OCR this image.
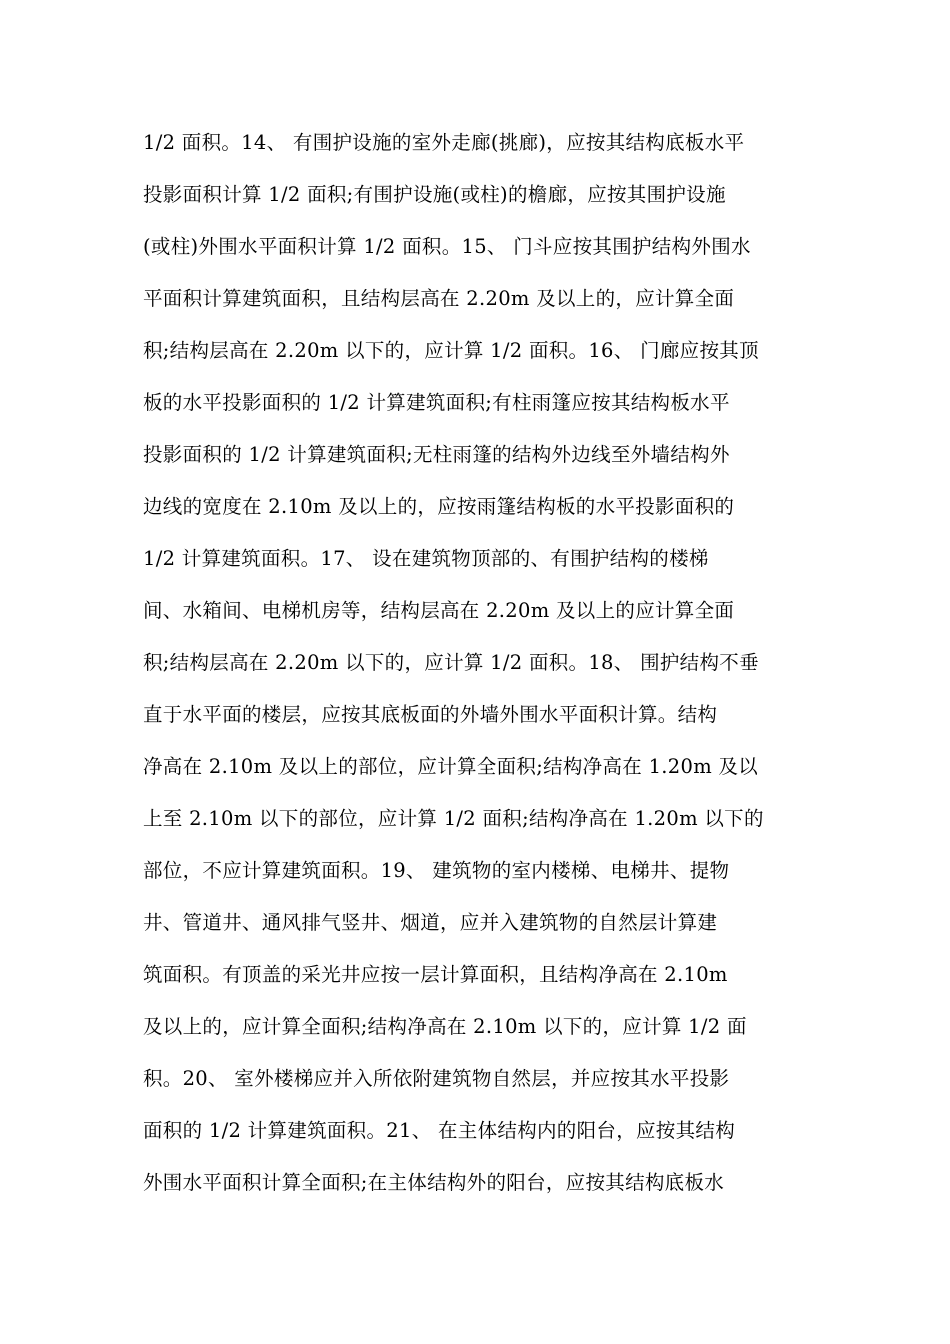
1/2 面积。14、 有围护设施的室外走廊(挑廊)，应按其结构底板水平
投影面积计算 1/2 面积;有围护设施(或柱)的檐廊，应按其围护设施
(或柱)外围水平面积计算 1/2 面积。15、 门斗应按其围护结构外围水
平面积计算建筑面积，且结构层高在 2.20m 及以上的，应计算全面
积;结构层高在 2.20m 以下的，应计算 1/2 面积。16、 门廊应按其顶
板的水平投影面积的 1/2 计算建筑面积;有柱雨篷应按其结构板水平
投影面积的 1/2 计算建筑面积;无柱雨篷的结构外边线至外墙结构外
边线的宽度在 2.10m 及以上的，应按雨篷结构板的水平投影面积的
1/2 计算建筑面积。17、 设在建筑物顶部的、有围护结构的楼梯
间、水箱间、电梯机房等，结构层高在 2.20m 及以上的应计算全面
积;结构层高在 2.20m 以下的，应计算 1/2 面积。18、 围护结构不垂
直于水平面的楼层，应按其底板面的外墙外围水平面积计算。结构
净高在 2.10m 及以上的部位，应计算全面积;结构净高在 1.20m 及以
上至 2.10m 以下的部位，应计算 1/2 面积;结构净高在 1.20m 以下的
部位，不应计算建筑面积。19、 建筑物的室内楼梯、电梯井、提物
井、管道井、通风排气竖井、烟道，应并入建筑物的自然层计算建
筑面积。有顶盖的采光井应按一层计算面积，且结构净高在 2.10m
及以上的，应计算全面积;结构净高在 2.10m 以下的，应计算 1/2 面
积。20、 室外楼梯应并入所依附建筑物自然层，并应按其水平投影
面积的 1/2 计算建筑面积。21、 在主体结构内的阳台，应按其结构
外围水平面积计算全面积;在主体结构外的阳台，应按其结构底板水
